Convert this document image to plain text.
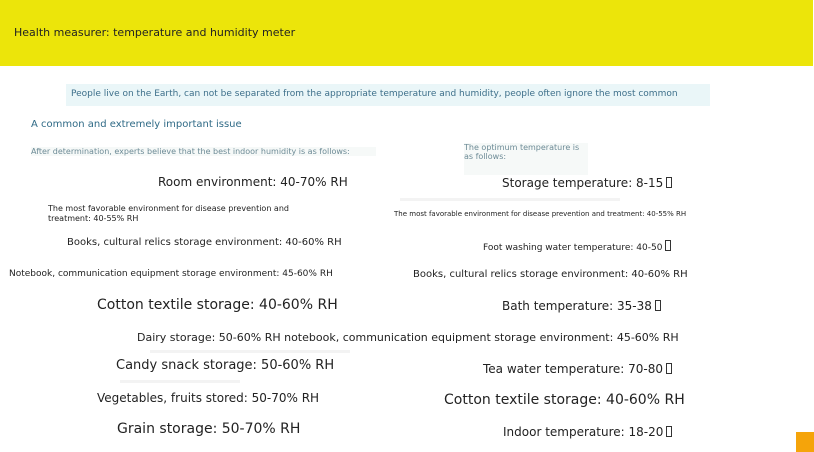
Health measurer: temperature and humidity meter
People live on the Earth, can not be separated from the appropriate temperature and humidity, people often ignore the most common
A common and extremely important issue
After determination, experts believe that the best indoor humidity is as follows:	The optimum temperature is as follows:
Room environment: 40-70% RH
The most favorable environment for disease prevention and treatment: 40-55% RH
Books, cultural relics storage environment: 40-60% RH
Notebook, communication equipment storage environment: 45-60% RH
Cotton textile storage: 40-60% RH
Dairy storage: 50-60% RH notebook, communication equipment storage environment: 45-60% RH
Candy snack storage: 50-60% RH
Vegetables, fruits stored: 50-70% RH
Grain storage: 50-70% RH
Storage temperature: 8-15
The most favorable environment for disease prevention and treatment: 40-55% RH
Foot washing water temperature: 40-50
Books, cultural relics storage environment: 40-60% RH
Bath temperature: 35-38
Tea water temperature: 70-80
Cotton textile storage: 40-60% RH
Indoor temperature: 18-20
